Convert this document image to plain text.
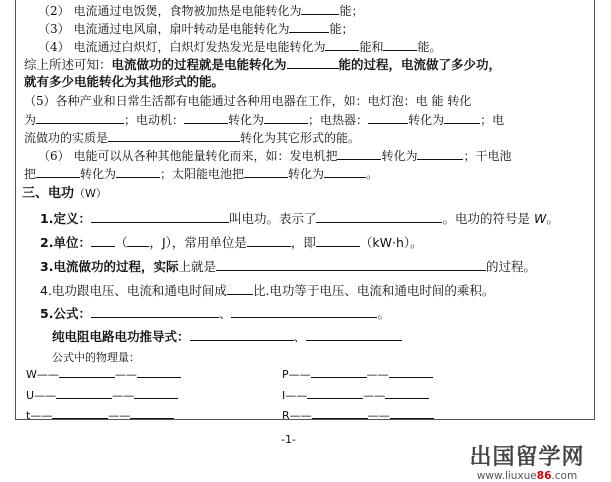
（2） 电流通过电饭煲，食物被加热是电能转化为	能；
（3） 电流通过电风扇，扇叶转动是电能转化为	能；
（4） 电流通过白炽灯，白炽灯发热发光是电能转化为	能和	能。
综上所述可知：电流做功的过程就是电能转化为	能的过程，电流做了多少功，
就有多少电能转化为其他形式的能。
（5）各种产业和日常生活都有电能通过各种用电器在工作，如：电灯泡：电 能 转化
为	；电动机：	转化为	；电热器：	转化为	；电
流做功的实质是	转化为其它形式的能。
（6） 电能可以从各种其他能量转化而来，如：发电机把	转化为	；干电池
把	转化为	；太阳能电池把	转化为	。
三、电功（W）
1.定义：	叫电功。表示了	。电功的符号是 W。
2.单位： （ ，J），常用单位是	，即	（kW·h）。
3.电流做功的过程，实际上就是	的过程。
4.电功跟电压、电流和通电时间成 比.电功等于电压、电流和通电时间的乘积。
5.公式：	、	。
纯电阻电路电功推导式：	、
公式中的物理量：
W——	——
U——	——
t——	——
P——	——
I——	——
R——	——
-1-
出国留学网
www.liuxue86.com
